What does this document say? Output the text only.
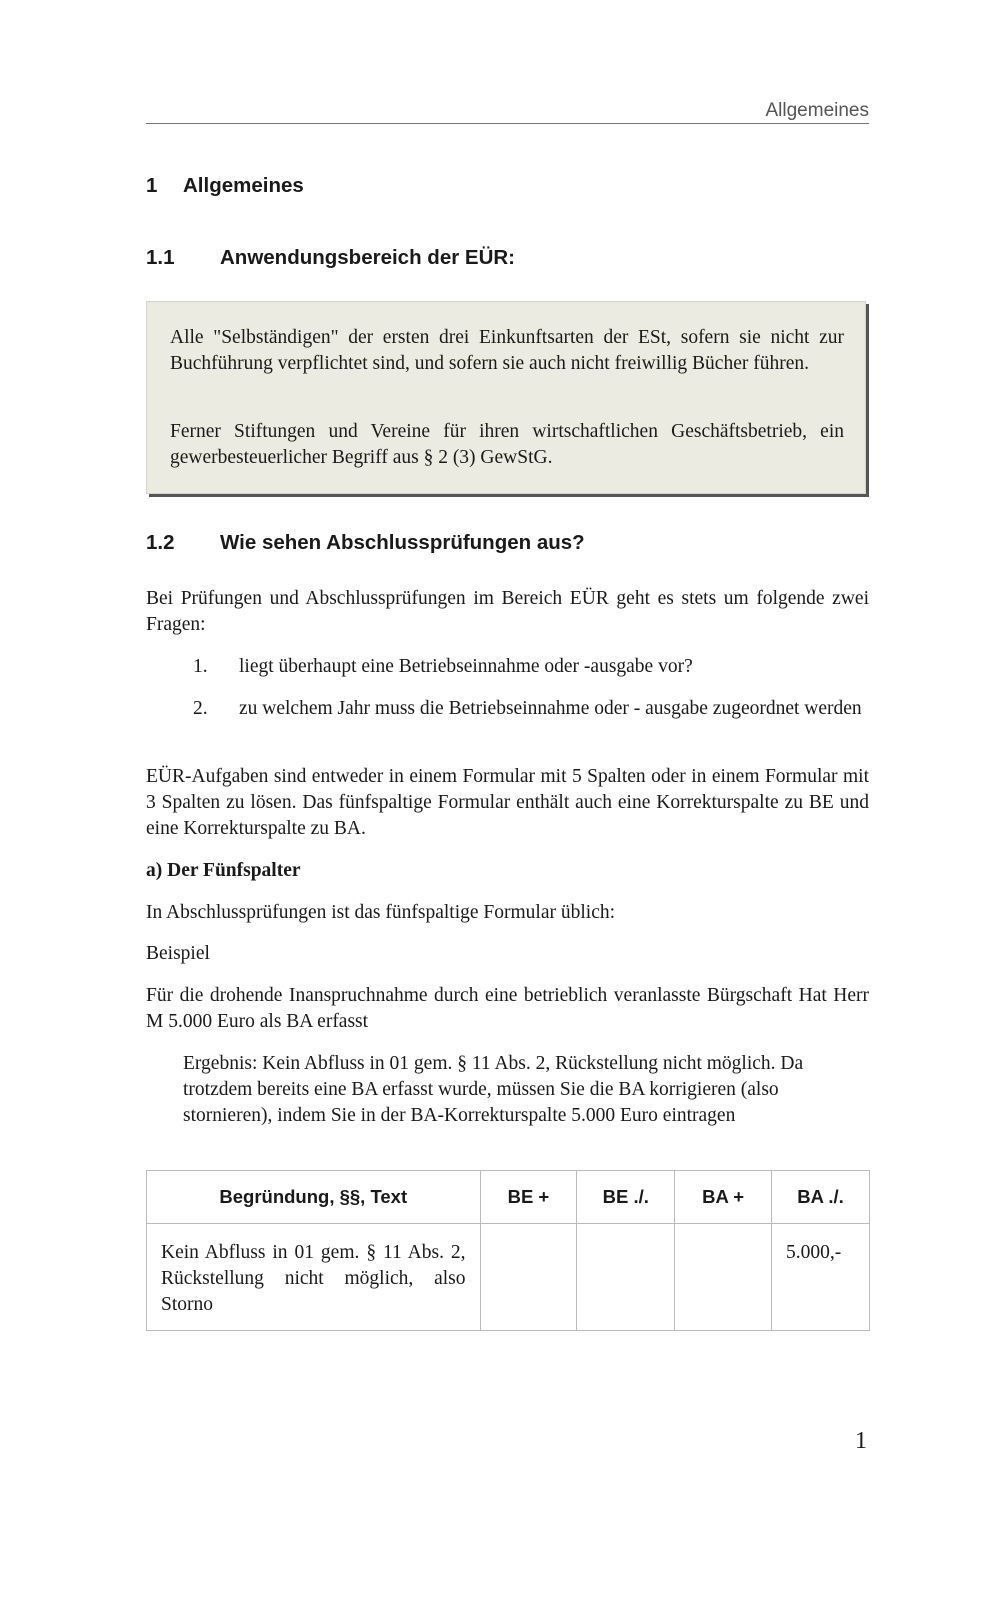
Allgemeines
1 Allgemeines
1.1 Anwendungsbereich der EÜR:
Alle "Selbständigen" der ersten drei Einkunftsarten der ESt, sofern sie nicht zur Buchführung verpflichtet sind, und sofern sie auch nicht freiwillig Bücher führen.
Ferner Stiftungen und Vereine für ihren wirtschaftlichen Geschäftsbetrieb, ein gewerbesteuerlicher Begriff aus § 2 (3) GewStG.
1.2 Wie sehen Abschlussprüfungen aus?
Bei Prüfungen und Abschlussprüfungen im Bereich EÜR geht es stets um folgende zwei Fragen:
1. liegt überhaupt eine Betriebseinnahme oder -ausgabe vor?
2. zu welchem Jahr muss die Betriebseinnahme oder - ausgabe zugeordnet werden
EÜR-Aufgaben sind entweder in einem Formular mit 5 Spalten oder in einem Formular mit 3 Spalten zu lösen. Das fünfspaltige Formular enthält auch eine Korrekturspalte zu BE und eine Korrekturspalte zu BA.
a) Der Fünfspalter
In Abschlussprüfungen ist das fünfspaltige Formular üblich:
Beispiel
Für die drohende Inanspruchnahme durch eine betrieblich veranlasste Bürgschaft Hat Herr M 5.000 Euro als BA erfasst
Ergebnis: Kein Abfluss in 01 gem. § 11 Abs. 2, Rückstellung nicht möglich. Da trotzdem bereits eine BA erfasst wurde, müssen Sie die BA korrigieren (also stornieren), indem Sie in der BA-Korrekturspalte 5.000 Euro eintragen
Begründung, §§, Text	BE +	BE ./.	BA +	BA ./.
Kein Abfluss in 01 gem. § 11 Abs. 2, Rückstellung nicht möglich, also Storno				5.000,-
1
